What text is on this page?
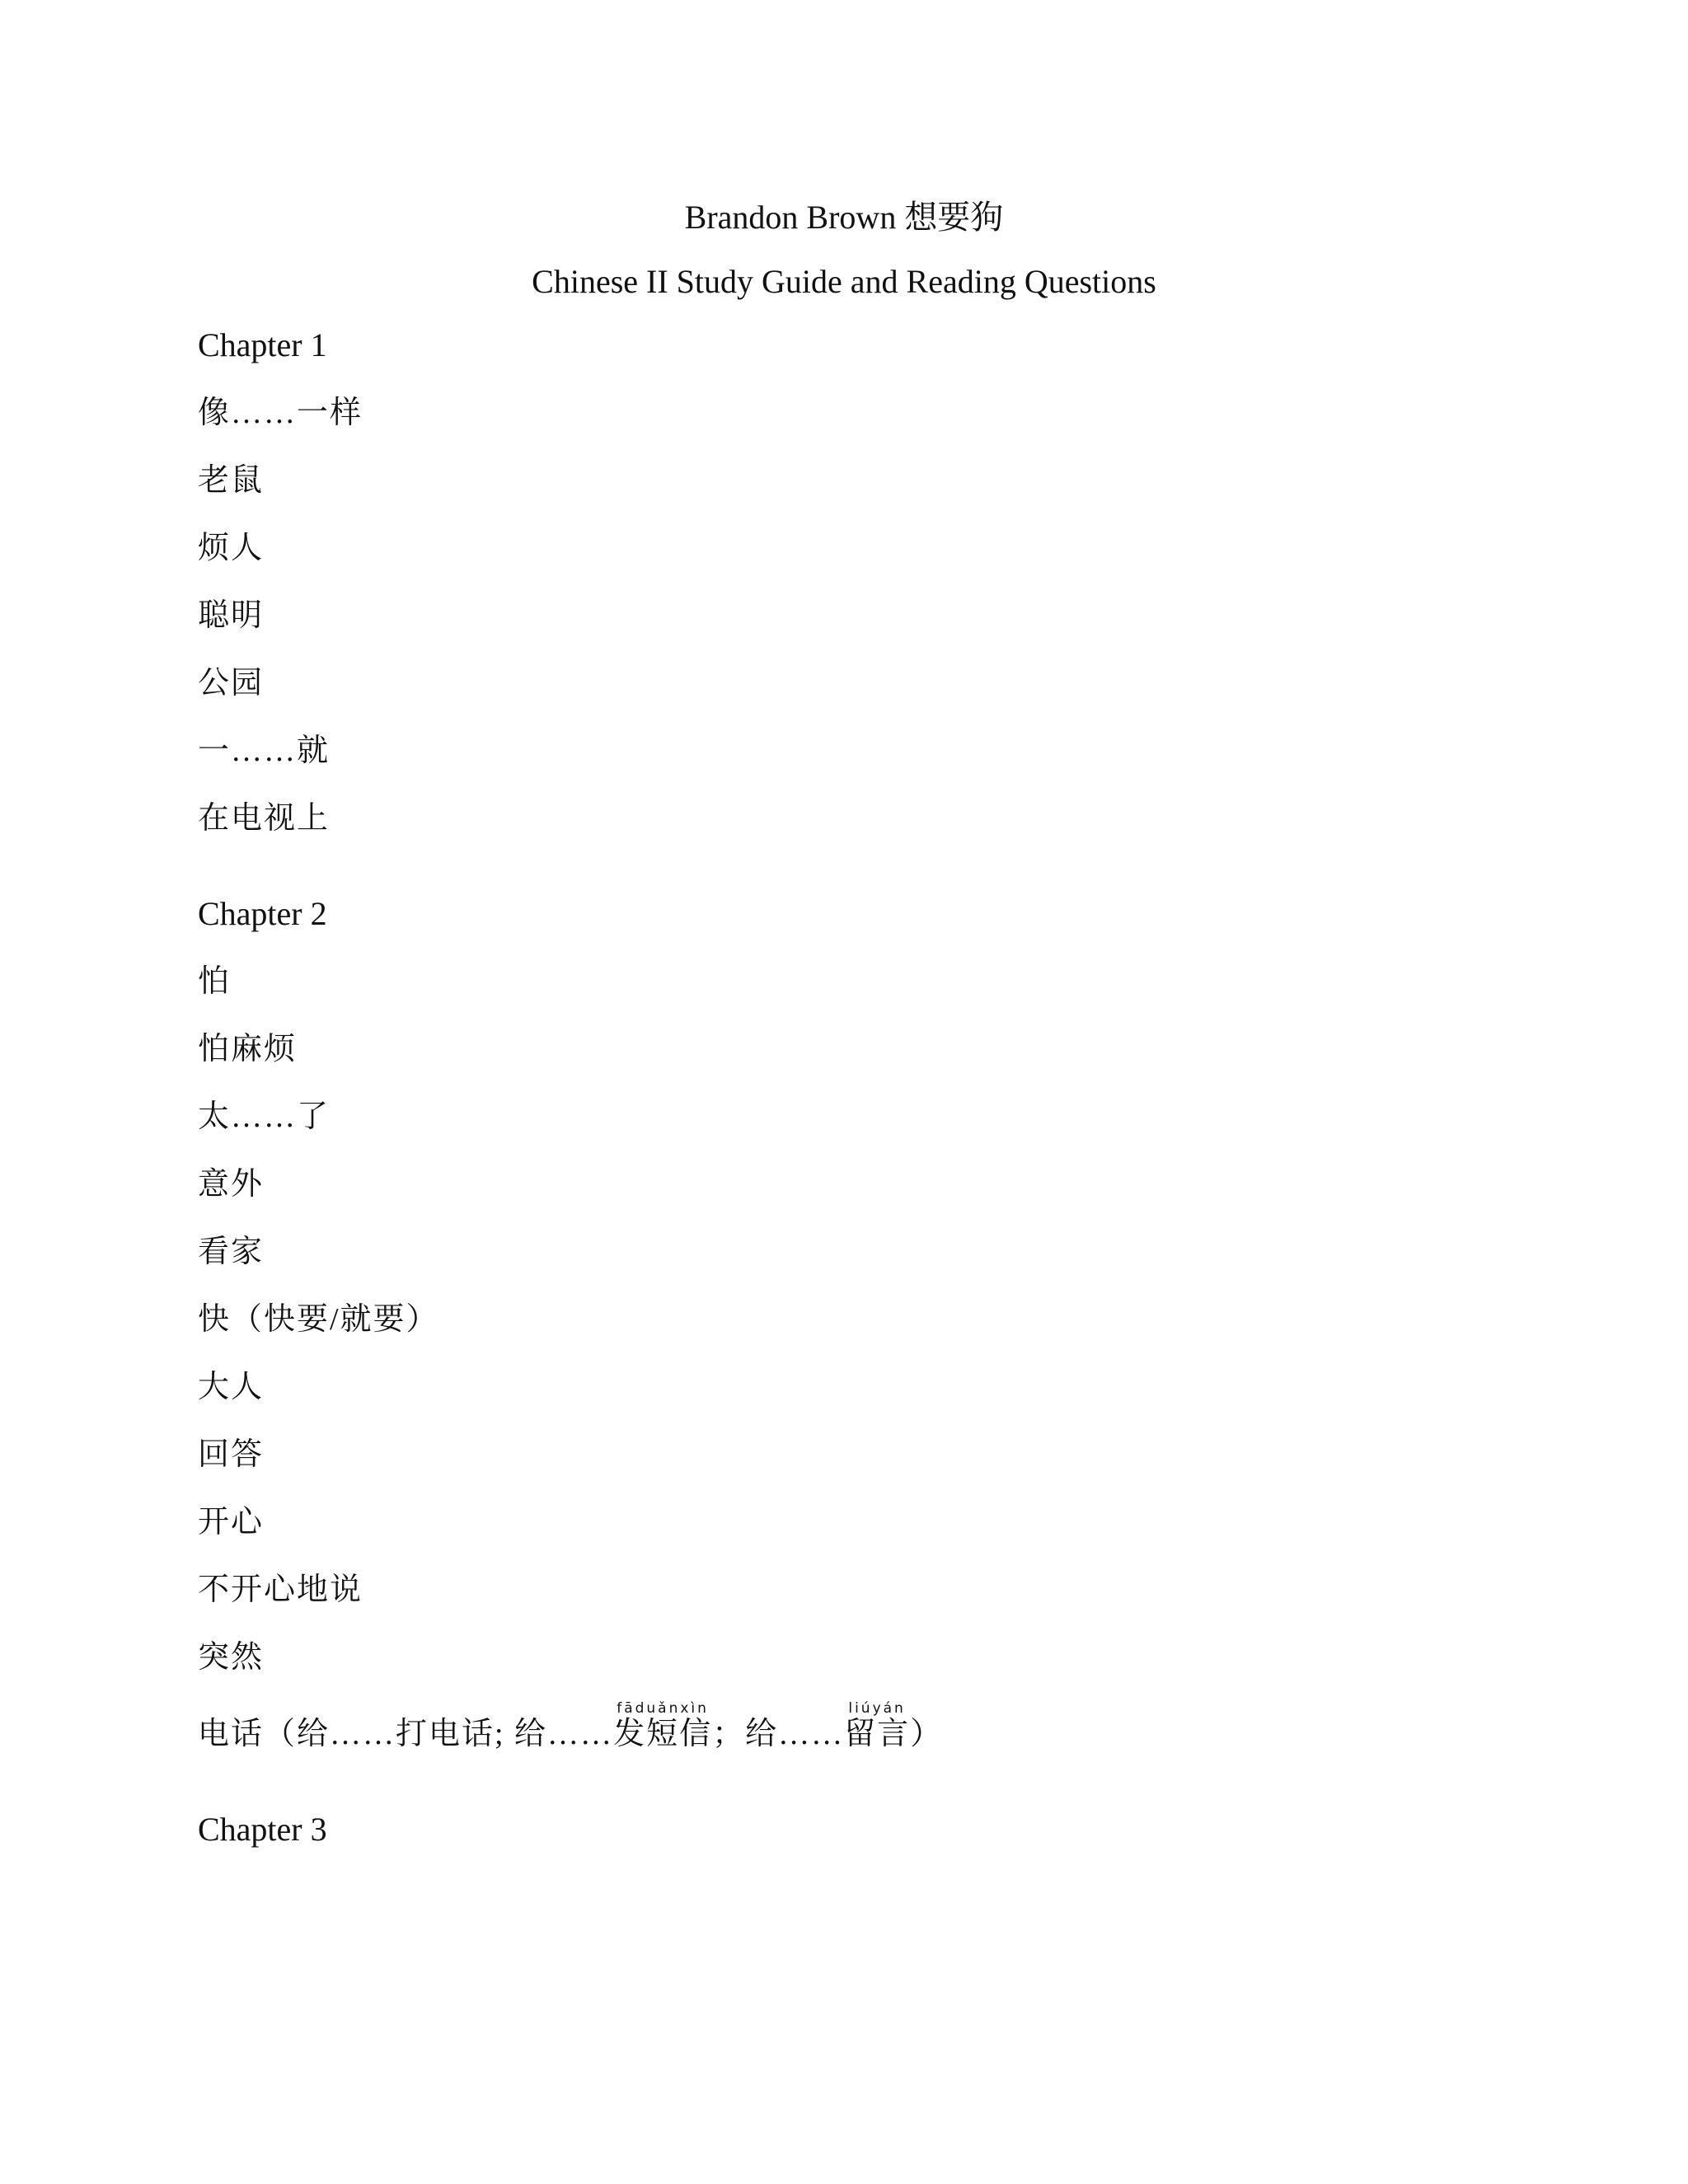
Brandon Brown 想要狗
Chinese II Study Guide and Reading Questions
Chapter 1
像……一样
老鼠
烦人
聪明
公园
一……就
在电视上
Chapter 2
怕
怕麻烦
太……了
意外
看家
快（快要/就要）
大人
回答
开心
不开心地说
突然
电话（给……打电话; 给……发短信fāduǎnxìn；给……留言liúyán）
Chapter 3
